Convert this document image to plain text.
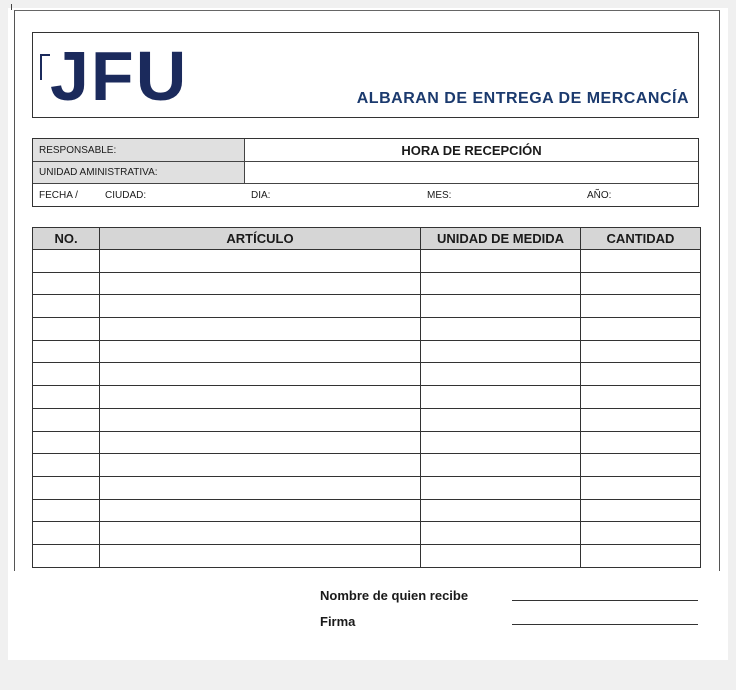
JFU	ALBARAN DE ENTREGA DE MERCANCÍA
RESPONSABLE:	HORA DE RECEPCIÓN
UNIDAD AMINISTRATIVA:
FECHA /	CIUDAD:	DIA:	MES:	AÑO:
NO.	ARTÍCULO	UNIDAD DE MEDIDA	CANTIDAD

Nombre de quien recibe
Firma
